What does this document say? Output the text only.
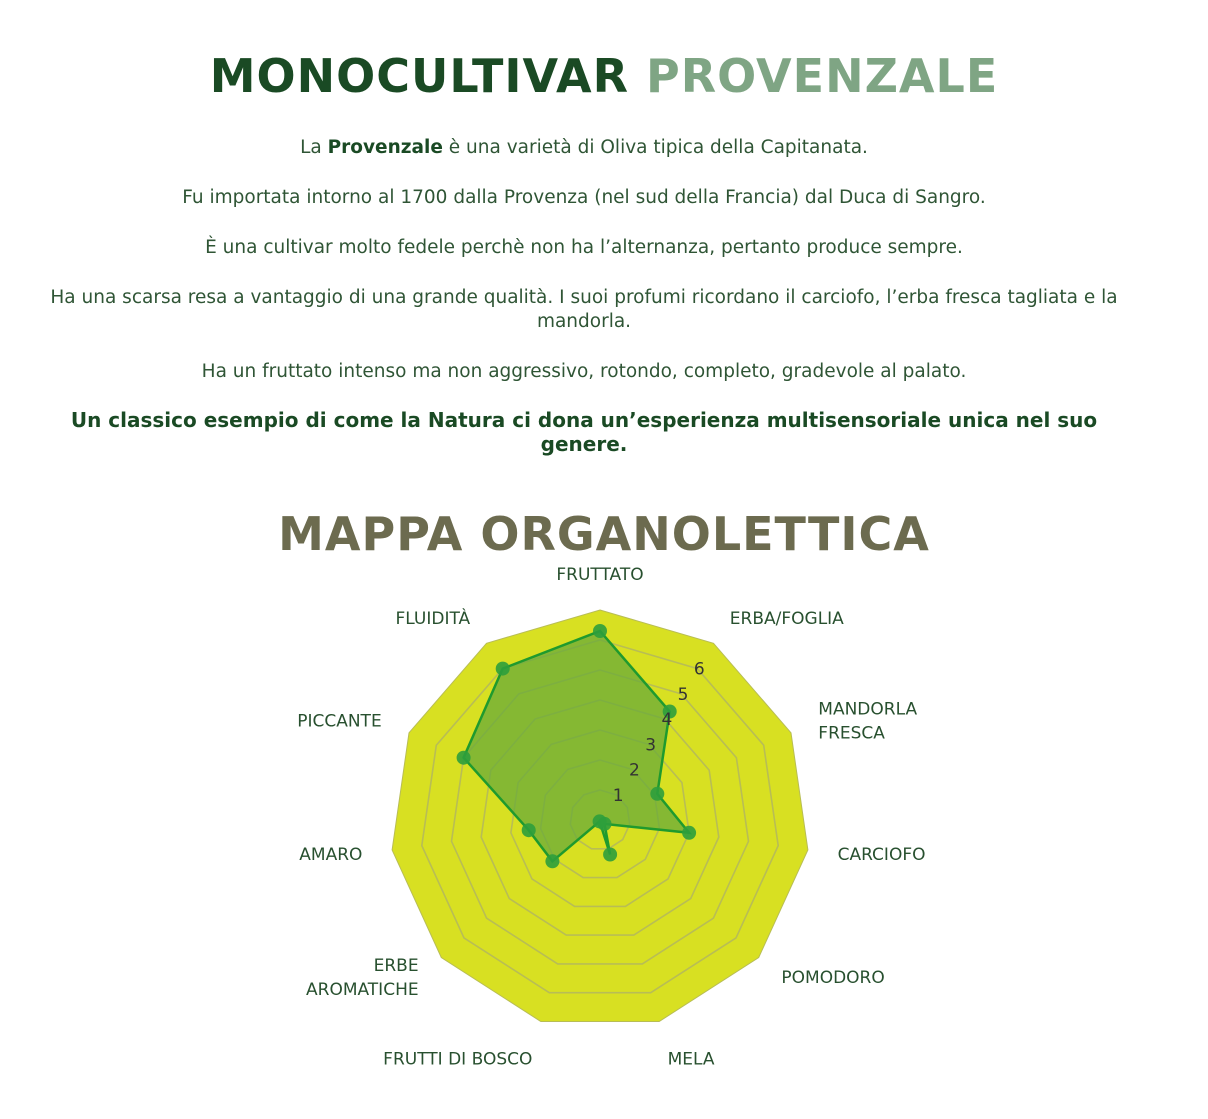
MONOCULTIVAR PROVENZALE

La Provenzale è una varietà di Oliva tipica della Capitanata.

Fu importata intorno al 1700 dalla Provenza (nel sud della Francia) dal Duca di Sangro.

È una cultivar molto fedele perchè non ha l’alternanza, pertanto produce sempre.

Ha una scarsa resa a vantaggio di una grande qualità. I suoi profumi ricordano il carciofo, l’erba fresca tagliata e la mandorla.

Ha un fruttato intenso ma non aggressivo, rotondo, completo, gradevole al palato.

Un classico esempio di come la Natura ci dona un’esperienza multisensoriale unica nel suo genere.

MAPPA ORGANOLETTICA
1
2
3
4
5
6
FRUTTATO
ERBA/FOGLIA
MANDORLA FRESCA
CARCIOFO
POMODORO
MELA
FRUTTI DI BOSCO
ERBE AROMATICHE
AMARO
PICCANTE
FLUIDITÀ
